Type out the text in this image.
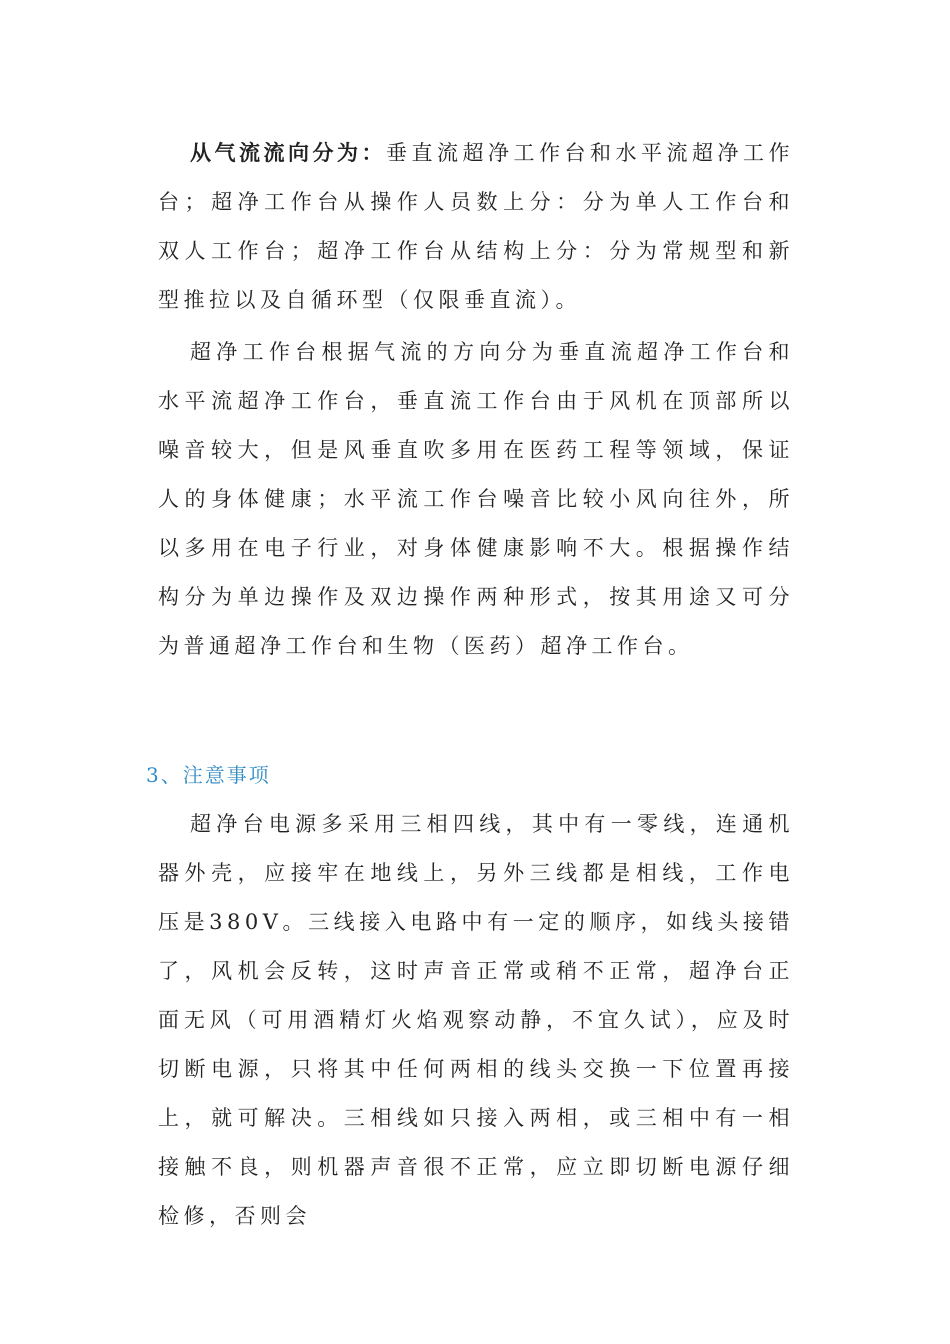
从气流流向分为：垂直流超净工作台和水平流超净工作台；超净工作台从操作人员数上分：分为单人工作台和双人工作台；超净工作台从结构上分：分为常规型和新型推拉以及自循环型（仅限垂直流）。

超净工作台根据气流的方向分为垂直流超净工作台和水平流超净工作台，垂直流工作台由于风机在顶部所以噪音较大，但是风垂直吹多用在医药工程等领域，保证人的身体健康；水平流工作台噪音比较小风向往外，所以多用在电子行业，对身体健康影响不大。根据操作结构分为单边操作及双边操作两种形式，按其用途又可分为普通超净工作台和生物（医药）超净工作台。

3、注意事项

超净台电源多采用三相四线，其中有一零线，连通机器外壳，应接牢在地线上，另外三线都是相线，工作电压是380V。三线接入电路中有一定的顺序，如线头接错了，风机会反转，这时声音正常或稍不正常，超净台正面无风（可用酒精灯火焰观察动静，不宜久试），应及时切断电源，只将其中任何两相的线头交换一下位置再接上，就可解决。三相线如只接入两相，或三相中有一相接触不良，则机器声音很不正常，应立即切断电源仔细检修，否则会
